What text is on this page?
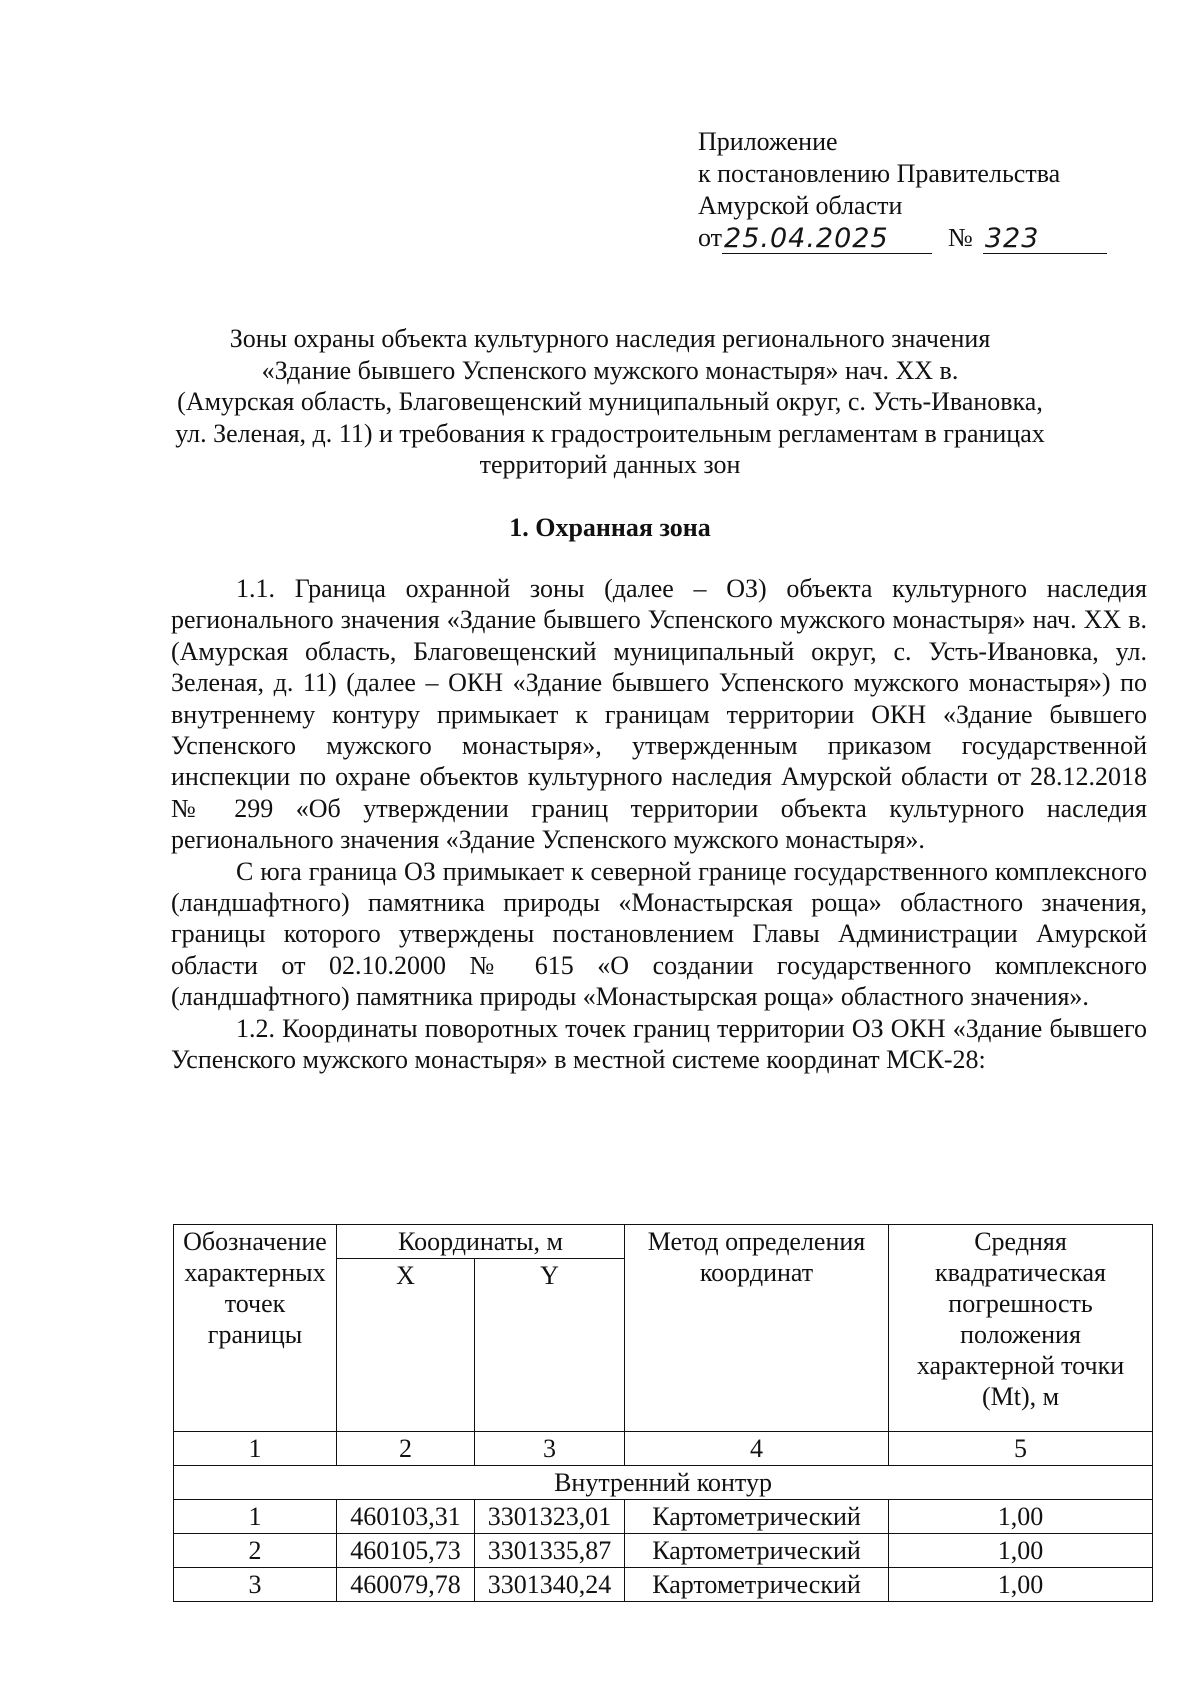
Приложение
к постановлению Правительства
Амурской области
от 25.04.2025	№ 323
Зоны охраны объекта культурного наследия регионального значения
«Здание бывшего Успенского мужского монастыря» нач. XX в.
(Амурская область, Благовещенский муниципальный округ, с. Усть-Ивановка,
ул. Зеленая, д. 11) и требования к градостроительным регламентам в границах
территорий данных зон
1. Охранная зона

1.1. Граница охранной зоны (далее – ОЗ) объекта культурного наследия регионального значения «Здание бывшего Успенского мужского монастыря» нач. XX в. (Амурская область, Благовещенский муниципальный округ, с. Усть-Ивановка, ул. Зеленая, д. 11) (далее – ОКН «Здание бывшего Успенского мужского монастыря») по внутреннему контуру примыкает к границам территории ОКН «Здание бывшего Успенского мужского монастыря», утвержденным приказом государственной инспекции по охране объектов культурного наследия Амурской области от 28.12.2018 № 299 «Об утверждении границ территории объекта культурного наследия регионального значения «Здание Успенского мужского монастыря».

С юга граница ОЗ примыкает к северной границе государственного комплексного (ландшафтного) памятника природы «Монастырская роща» областного значения, границы которого утверждены постановлением Главы Администрации Амурской области от 02.10.2000 № 615 «О создании государственного комплексного (ландшафтного) памятника природы «Монастырская роща» областного значения».

1.2. Координаты поворотных точек границ территории ОЗ ОКН «Здание бывшего Успенского мужского монастыря» в местной системе координат МСК-28:

Обозначение характерных точек границы	Координаты, м		Метод определения координат	Средняя квадратическая погрешность положения характерной точки (Mt), м
	X	Y		
1	2	3	4	5
Внутренний контур				
1	460103,31	3301323,01	Картометрический	1,00
2	460105,73	3301335,87	Картометрический	1,00
3	460079,78	3301340,24	Картометрический	1,00
